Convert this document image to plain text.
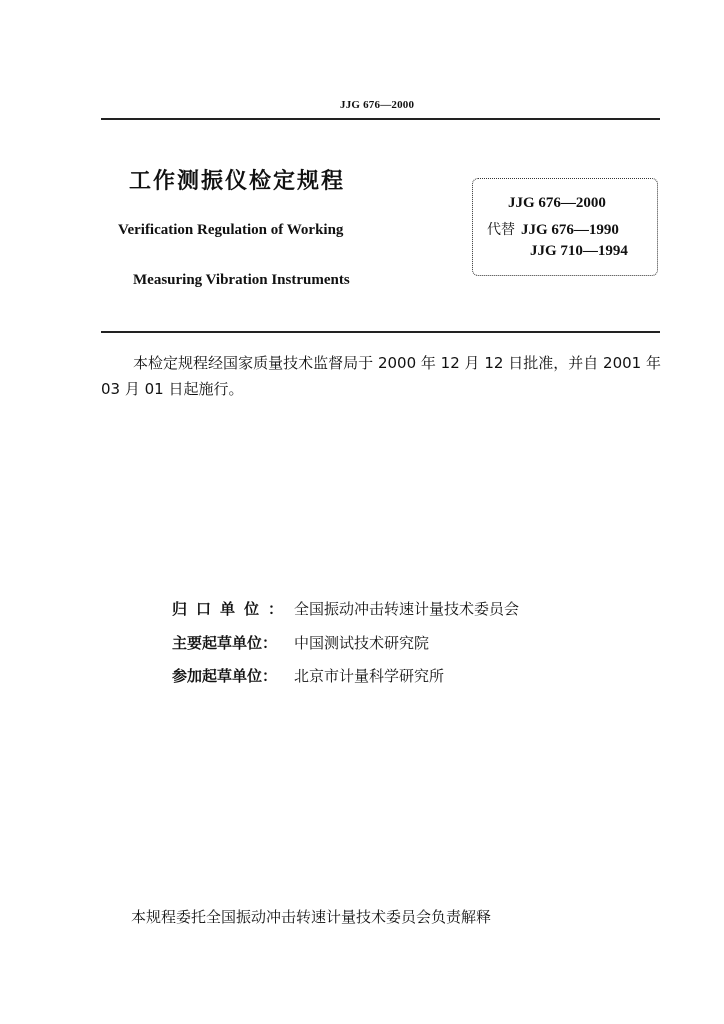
JJG 676—2000
工作测振仪检定规程
Verification Regulation of Working
Measuring Vibration Instruments
JJG 676—2000
代替 JJG 676—1990
JJG 710—1994
本检定规程经国家质量技术监督局于 2000 年 12 月 12 日批准，并自 2001 年 03 月 01 日起施行。
归口单位： 全国振动冲击转速计量技术委员会
主要起草单位： 中国测试技术研究院
参加起草单位： 北京市计量科学研究所
本规程委托全国振动冲击转速计量技术委员会负责解释
